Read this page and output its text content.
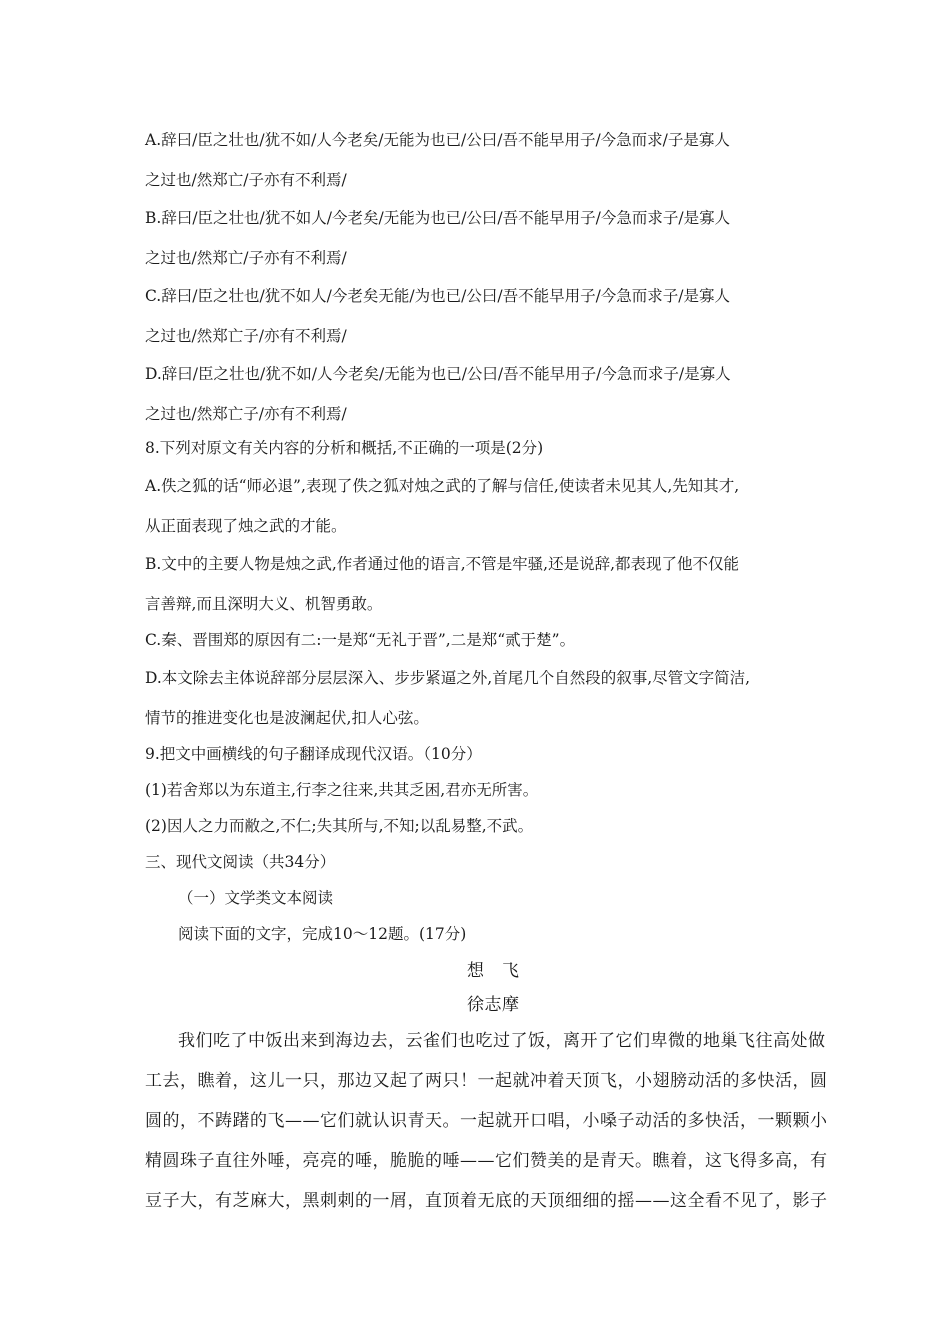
A.辞曰/臣之壮也/犹不如/人今老矣/无能为也已/公曰/吾不能早用子/今急而求/子是寡人
之过也/然郑亡/子亦有不利焉/
B.辞曰/臣之壮也/犹不如人/今老矣/无能为也已/公曰/吾不能早用子/今急而求子/是寡人
之过也/然郑亡/子亦有不利焉/
C.辞曰/臣之壮也/犹不如人/今老矣无能/为也已/公曰/吾不能早用子/今急而求子/是寡人
之过也/然郑亡子/亦有不利焉/
D.辞曰/臣之壮也/犹不如/人今老矣/无能为也已/公曰/吾不能早用子/今急而求子/是寡人
之过也/然郑亡子/亦有不利焉/
8.下列对原文有关内容的分析和概括,不正确的一项是(2分)
A.佚之狐的话“师必退”,表现了佚之狐对烛之武的了解与信任,使读者未见其人,先知其才,
从正面表现了烛之武的才能。
B.文中的主要人物是烛之武,作者通过他的语言,不管是牢骚,还是说辞,都表现了他不仅能
言善辩,而且深明大义、机智勇敢。
C.秦、晋围郑的原因有二:一是郑“无礼于晋”,二是郑“贰于楚”。
D.本文除去主体说辞部分层层深入、步步紧逼之外,首尾几个自然段的叙事,尽管文字简洁,
情节的推进变化也是波澜起伏,扣人心弦。
9.把文中画横线的句子翻译成现代汉语。（10分）
(1)若舍郑以为东道主,行李之往来,共其乏困,君亦无所害。
(2)因人之力而敝之,不仁;失其所与,不知;以乱易整,不武。
三、现代文阅读（共34分）
（一）文学类文本阅读
阅读下面的文字，完成10～12题。(17分)
想　飞
徐志摩
我们吃了中饭出来到海边去，云雀们也吃过了饭，离开了它们卑微的地巢飞往高处做
工去，瞧着，这儿一只，那边又起了两只！一起就冲着天顶飞，小翅膀动活的多快活，圆
圆的，不踌躇的飞——它们就认识青天。一起就开口唱，小嗓子动活的多快活，一颗颗小
精圆珠子直往外唾，亮亮的唾，脆脆的唾——它们赞美的是青天。瞧着，这飞得多高，有
豆子大，有芝麻大，黑刺刺的一屑，直顶着无底的天顶细细的摇——这全看不见了，影子
